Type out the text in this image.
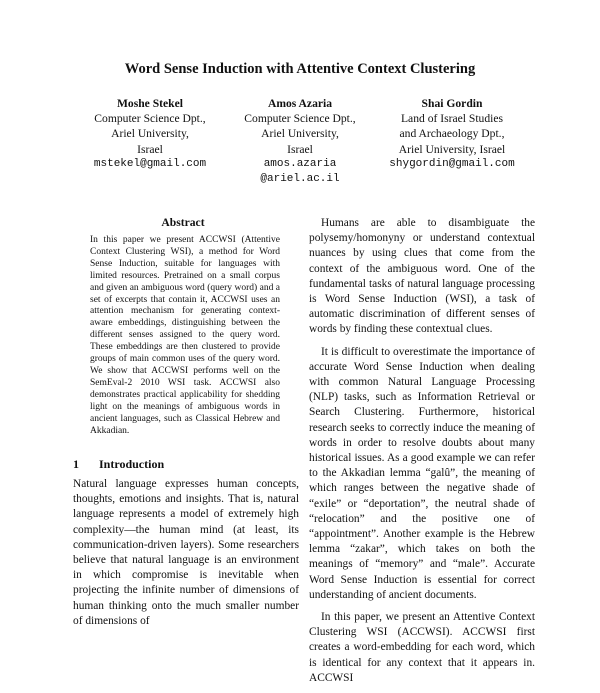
Word Sense Induction with Attentive Context Clustering
Moshe Stekel
Computer Science Dpt.,
Ariel University,
Israel
mstekel@gmail.com
Amos Azaria
Computer Science Dpt.,
Ariel University,
Israel
amos.azaria
@ariel.ac.il
Shai Gordin
Land of Israel Studies
and Archaeology Dpt.,
Ariel University, Israel
shygordin@gmail.com
Abstract
In this paper we present ACCWSI (Attentive Context Clustering WSI), a method for Word Sense Induction, suitable for languages with limited resources. Pretrained on a small corpus and given an ambiguous word (query word) and a set of excerpts that contain it, ACCWSI uses an attention mechanism for generating context-aware embeddings, distinguishing between the different senses assigned to the query word. These embeddings are then clustered to provide groups of main common uses of the query word. We show that ACCWSI performs well on the SemEval-2 2010 WSI task. ACCWSI also demonstrates practical applicability for shedding light on the meanings of ambiguous words in ancient languages, such as Classical Hebrew and Akkadian.
1 Introduction

Natural language expresses human concepts, thoughts, emotions and insights. That is, natural language represents a model of extremely high complexity—the human mind (at least, its communication-driven layers). Some researchers believe that natural language is an environment in which compromise is inevitable when projecting the infinite number of dimensions of human thinking onto the much smaller number of dimensions of

Humans are able to disambiguate the polysemy/homonyny or understand contextual nuances by using clues that come from the context of the ambiguous word. One of the fundamental tasks of natural language processing is Word Sense Induction (WSI), a task of automatic discrimination of different senses of words by finding these contextual clues.

It is difficult to overestimate the importance of accurate Word Sense Induction when dealing with common Natural Language Processing (NLP) tasks, such as Information Retrieval or Search Clustering. Furthermore, historical research seeks to correctly induce the meaning of words in order to resolve doubts about many historical issues. As a good example we can refer to the Akkadian lemma “galû”, the meaning of which ranges between the negative shade of “exile” or “deportation”, the neutral shade of “relocation” and the positive one of “appointment”. Another example is the Hebrew lemma “zakar”, which takes on both the meanings of “memory” and “male”. Accurate Word Sense Induction is essential for correct understanding of ancient documents.

In this paper, we present an Attentive Context Clustering WSI (ACCWSI). ACCWSI first creates a word-embedding for each word, which is identical for any context that it appears in. ACCWSI
